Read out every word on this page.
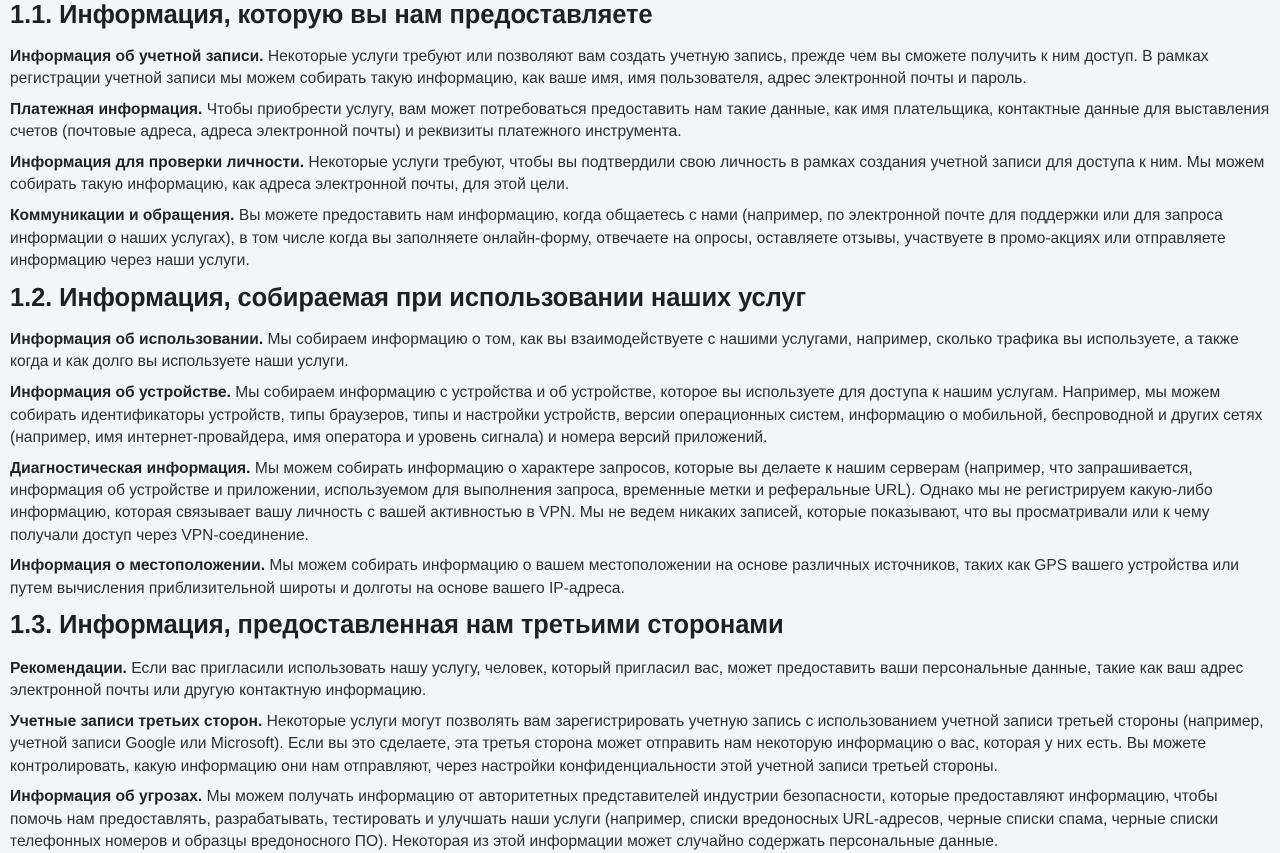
1.1. Информация, которую вы нам предоставляете

Информация об учетной записи. Некоторые услуги требуют или позволяют вам создать учетную запись, прежде чем вы сможете получить к ним доступ. В рамках регистрации учетной записи мы можем собирать такую информацию, как ваше имя, имя пользователя, адрес электронной почты и пароль.

Платежная информация. Чтобы приобрести услугу, вам может потребоваться предоставить нам такие данные, как имя плательщика, контактные данные для выставления счетов (почтовые адреса, адреса электронной почты) и реквизиты платежного инструмента.

Информация для проверки личности. Некоторые услуги требуют, чтобы вы подтвердили свою личность в рамках создания учетной записи для доступа к ним. Мы можем собирать такую информацию, как адреса электронной почты, для этой цели.

Коммуникации и обращения. Вы можете предоставить нам информацию, когда общаетесь с нами (например, по электронной почте для поддержки или для запроса информации о наших услугах), в том числе когда вы заполняете онлайн-форму, отвечаете на опросы, оставляете отзывы, участвуете в промо-акциях или отправляете информацию через наши услуги.

1.2. Информация, собираемая при использовании наших услуг

Информация об использовании. Мы собираем информацию о том, как вы взаимодействуете с нашими услугами, например, сколько трафика вы используете, а также когда и как долго вы используете наши услуги.

Информация об устройстве. Мы собираем информацию с устройства и об устройстве, которое вы используете для доступа к нашим услугам. Например, мы можем собирать идентификаторы устройств, типы браузеров, типы и настройки устройств, версии операционных систем, информацию о мобильной, беспроводной и других сетях (например, имя интернет-провайдера, имя оператора и уровень сигнала) и номера версий приложений.

Диагностическая информация. Мы можем собирать информацию о характере запросов, которые вы делаете к нашим серверам (например, что запрашивается, информация об устройстве и приложении, используемом для выполнения запроса, временные метки и реферальные URL). Однако мы не регистрируем какую-либо информацию, которая связывает вашу личность с вашей активностью в VPN. Мы не ведем никаких записей, которые показывают, что вы просматривали или к чему получали доступ через VPN-соединение.

Информация о местоположении. Мы можем собирать информацию о вашем местоположении на основе различных источников, таких как GPS вашего устройства или путем вычисления приблизительной широты и долготы на основе вашего IP-адреса.

1.3. Информация, предоставленная нам третьими сторонами

Рекомендации. Если вас пригласили использовать нашу услугу, человек, который пригласил вас, может предоставить ваши персональные данные, такие как ваш адрес электронной почты или другую контактную информацию.

Учетные записи третьих сторон. Некоторые услуги могут позволять вам зарегистрировать учетную запись с использованием учетной записи третьей стороны (например, учетной записи Google или Microsoft). Если вы это сделаете, эта третья сторона может отправить нам некоторую информацию о вас, которая у них есть. Вы можете контролировать, какую информацию они нам отправляют, через настройки конфиденциальности этой учетной записи третьей стороны.

Информация об угрозах. Мы можем получать информацию от авторитетных представителей индустрии безопасности, которые предоставляют информацию, чтобы помочь нам предоставлять, разрабатывать, тестировать и улучшать наши услуги (например, списки вредоносных URL-адресов, черные списки спама, черные списки телефонных номеров и образцы вредоносного ПО). Некоторая из этой информации может случайно содержать персональные данные.
